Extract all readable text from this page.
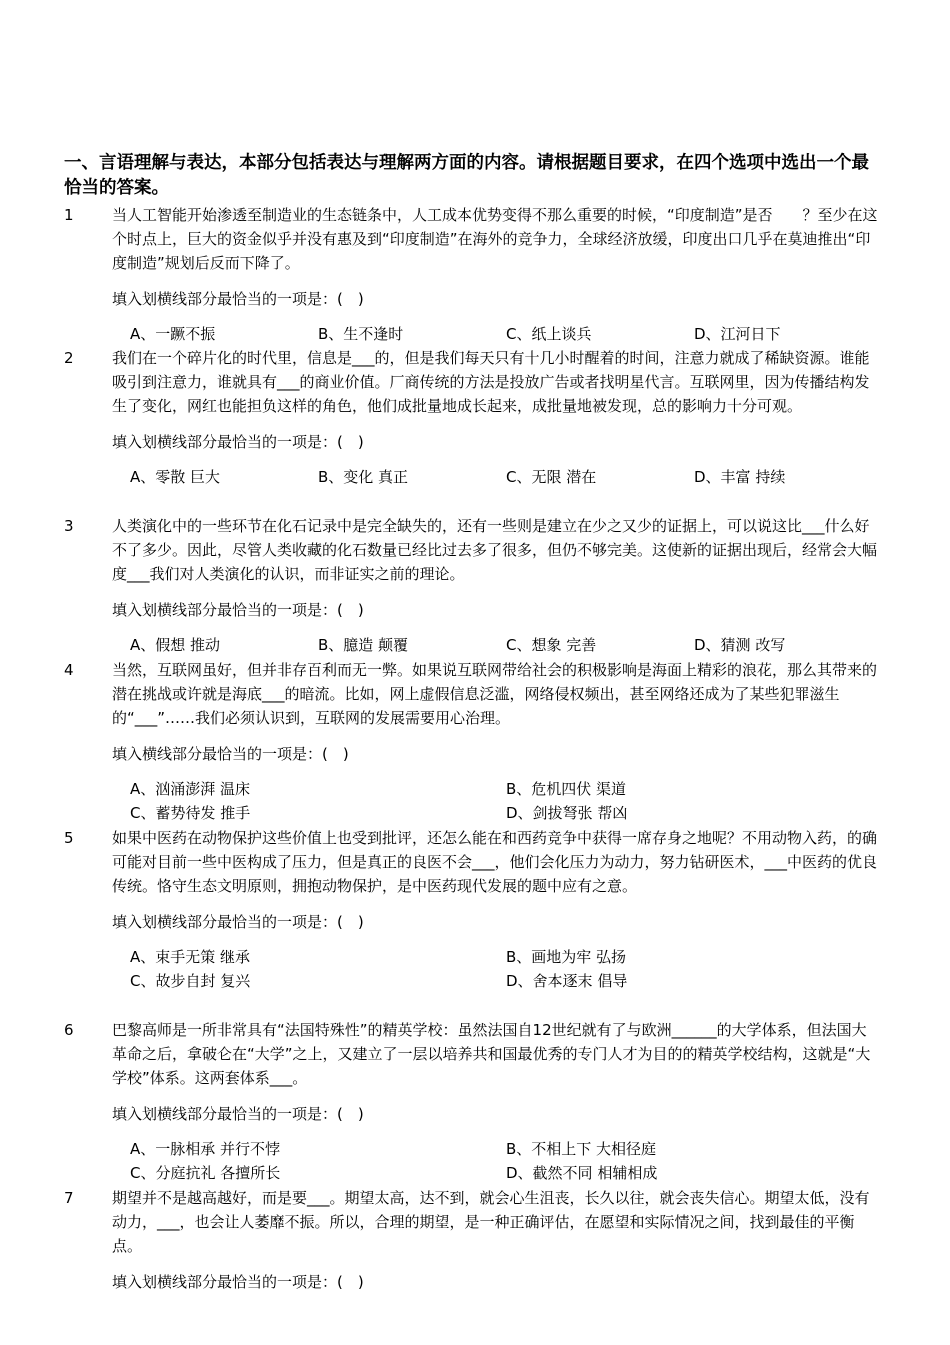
一、言语理解与表达，本部分包括表达与理解两方面的内容。请根据题目要求，在四个选项中选出一个最恰当的答案。
1	当人工智能开始渗透至制造业的生态链条中，人工成本优势变得不那么重要的时候，“印度制造”是否　　？至少在这个时点上，巨大的资金似乎并没有惠及到“印度制造”在海外的竞争力，全球经济放缓，印度出口几乎在莫迪推出“印度制造”规划后反而下降了。
填入划横线部分最恰当的一项是：(　)
A、一蹶不振	B、生不逢时	C、纸上谈兵	D、江河日下
2	我们在一个碎片化的时代里，信息是___的，但是我们每天只有十几小时醒着的时间，注意力就成了稀缺资源。谁能吸引到注意力，谁就具有___的商业价值。厂商传统的方法是投放广告或者找明星代言。互联网里，因为传播结构发生了变化，网红也能担负这样的角色，他们成批量地成长起来，成批量地被发现，总的影响力十分可观。
填入划横线部分最恰当的一项是：(　)
A、零散 巨大	B、变化 真正	C、无限 潜在	D、丰富 持续
3	人类演化中的一些环节在化石记录中是完全缺失的，还有一些则是建立在少之又少的证据上，可以说这比___什么好不了多少。因此，尽管人类收藏的化石数量已经比过去多了很多，但仍不够完美。这使新的证据出现后，经常会大幅度___我们对人类演化的认识，而非证实之前的理论。
填入划横线部分最恰当的一项是：(　)
A、假想 推动	B、臆造 颠覆	C、想象 完善	D、猜测 改写
4	当然，互联网虽好，但并非存百利而无一弊。如果说互联网带给社会的积极影响是海面上精彩的浪花，那么其带来的潜在挑战或许就是海底___的暗流。比如，网上虚假信息泛滥，网络侵权频出，甚至网络还成为了某些犯罪滋生的“___”……我们必须认识到，互联网的发展需要用心治理。
填入横线部分最恰当的一项是：(　)
A、汹涌澎湃 温床	B、危机四伏 渠道
C、蓄势待发 推手	D、剑拔弩张 帮凶
5	如果中医药在动物保护这些价值上也受到批评，还怎么能在和西药竞争中获得一席存身之地呢？不用动物入药，的确可能对目前一些中医构成了压力，但是真正的良医不会___，他们会化压力为动力，努力钻研医术，___中医药的优良传统。恪守生态文明原则，拥抱动物保护，是中医药现代发展的题中应有之意。
填入划横线部分最恰当的一项是：(　)
A、束手无策 继承	B、画地为牢 弘扬
C、故步自封 复兴	D、舍本逐末 倡导
6	巴黎高师是一所非常具有“法国特殊性”的精英学校：虽然法国自12世纪就有了与欧洲______的大学体系，但法国大革命之后，拿破仑在“大学”之上，又建立了一层以培养共和国最优秀的专门人才为目的的精英学校结构，这就是“大学校”体系。这两套体系___。
填入划横线部分最恰当的一项是：(　)
A、一脉相承 并行不悖	B、不相上下 大相径庭
C、分庭抗礼 各擅所长	D、截然不同 相辅相成
7	期望并不是越高越好，而是要___。期望太高，达不到，就会心生沮丧，长久以往，就会丧失信心。期望太低，没有动力，___，也会让人萎靡不振。所以，合理的期望，是一种正确评估，在愿望和实际情况之间，找到最佳的平衡点。
填入划横线部分最恰当的一项是：(　)
